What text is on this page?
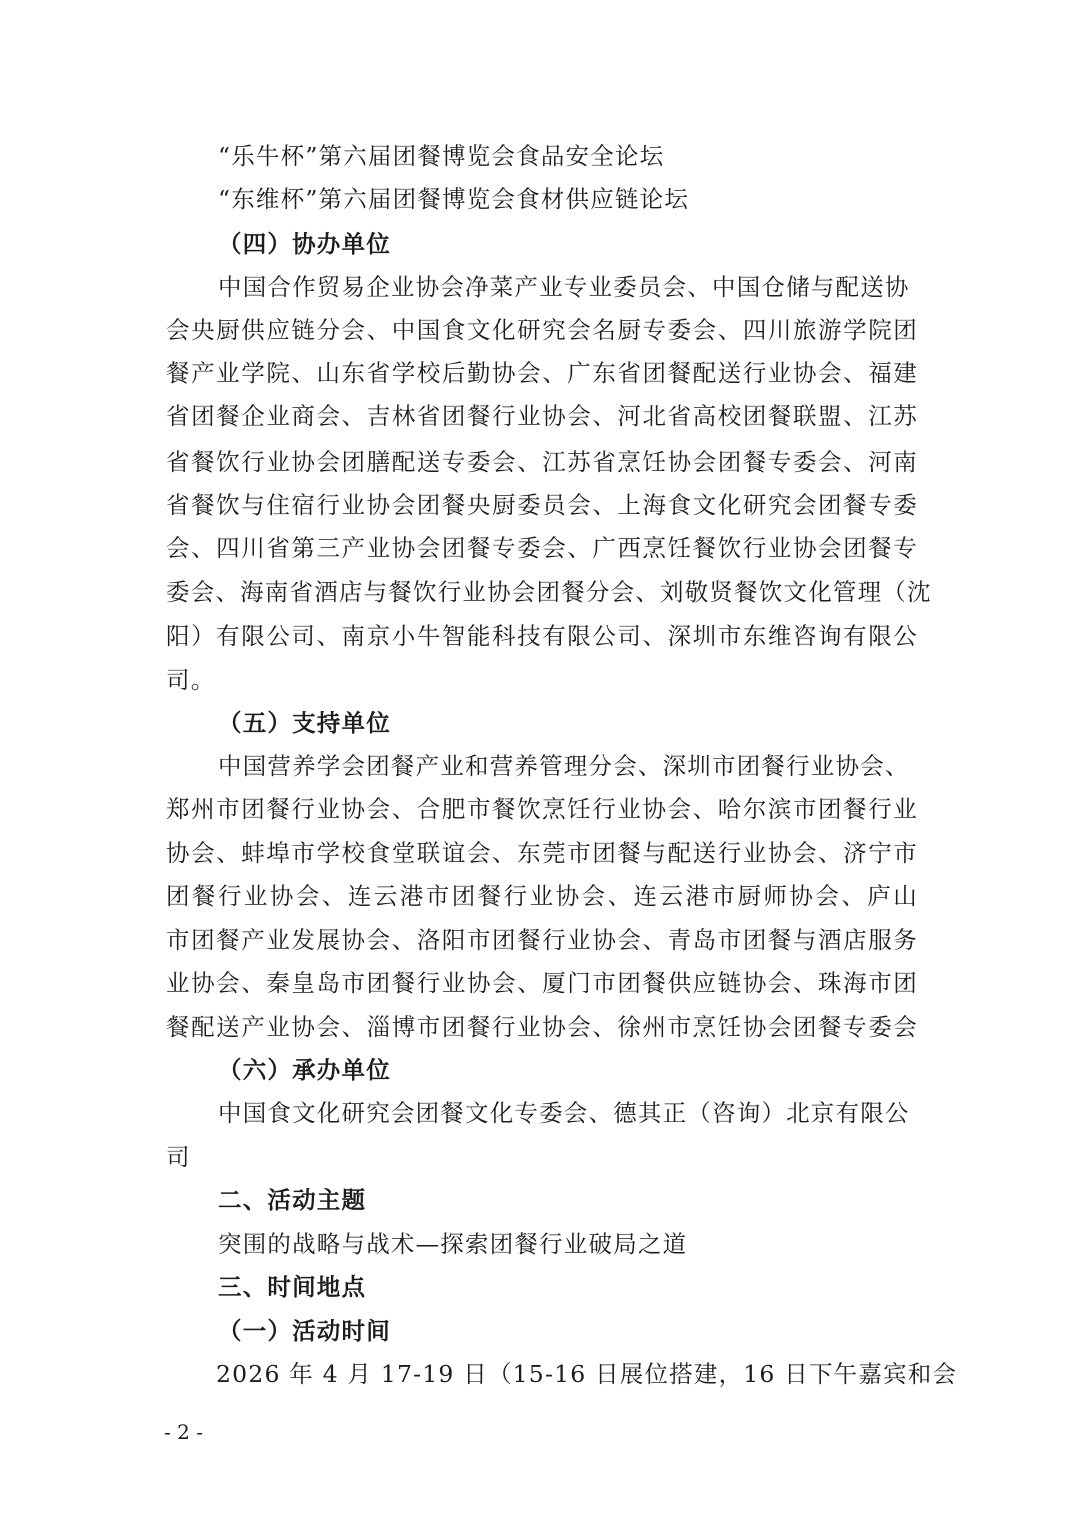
“乐牛杯”第六届团餐博览会食品安全论坛
“东维杯”第六届团餐博览会食材供应链论坛
（四）协办单位
中国合作贸易企业协会净菜产业专业委员会、中国仓储与配送协
会央厨供应链分会、中国食文化研究会名厨专委会、四川旅游学院团
餐产业学院、山东省学校后勤协会、广东省团餐配送行业协会、福建
省团餐企业商会、吉林省团餐行业协会、河北省高校团餐联盟、江苏
省餐饮行业协会团膳配送专委会、江苏省烹饪协会团餐专委会、河南
省餐饮与住宿行业协会团餐央厨委员会、上海食文化研究会团餐专委
会、四川省第三产业协会团餐专委会、广西烹饪餐饮行业协会团餐专
委会、海南省酒店与餐饮行业协会团餐分会、刘敬贤餐饮文化管理（沈
阳）有限公司、南京小牛智能科技有限公司、深圳市东维咨询有限公
司。
（五）支持单位
中国营养学会团餐产业和营养管理分会、深圳市团餐行业协会、
郑州市团餐行业协会、合肥市餐饮烹饪行业协会、哈尔滨市团餐行业
协会、蚌埠市学校食堂联谊会、东莞市团餐与配送行业协会、济宁市
团餐行业协会、连云港市团餐行业协会、连云港市厨师协会、庐山
市团餐产业发展协会、洛阳市团餐行业协会、青岛市团餐与酒店服务
业协会、秦皇岛市团餐行业协会、厦门市团餐供应链协会、珠海市团
餐配送产业协会、淄博市团餐行业协会、徐州市烹饪协会团餐专委会
（六）承办单位
中国食文化研究会团餐文化专委会、德其正（咨询）北京有限公
司
二、活动主题
突围的战略与战术—探索团餐行业破局之道
三、时间地点
（一）活动时间
2026 年 4 月 17-19 日（15-16 日展位搭建，16 日下午嘉宾和会
- 2 -
